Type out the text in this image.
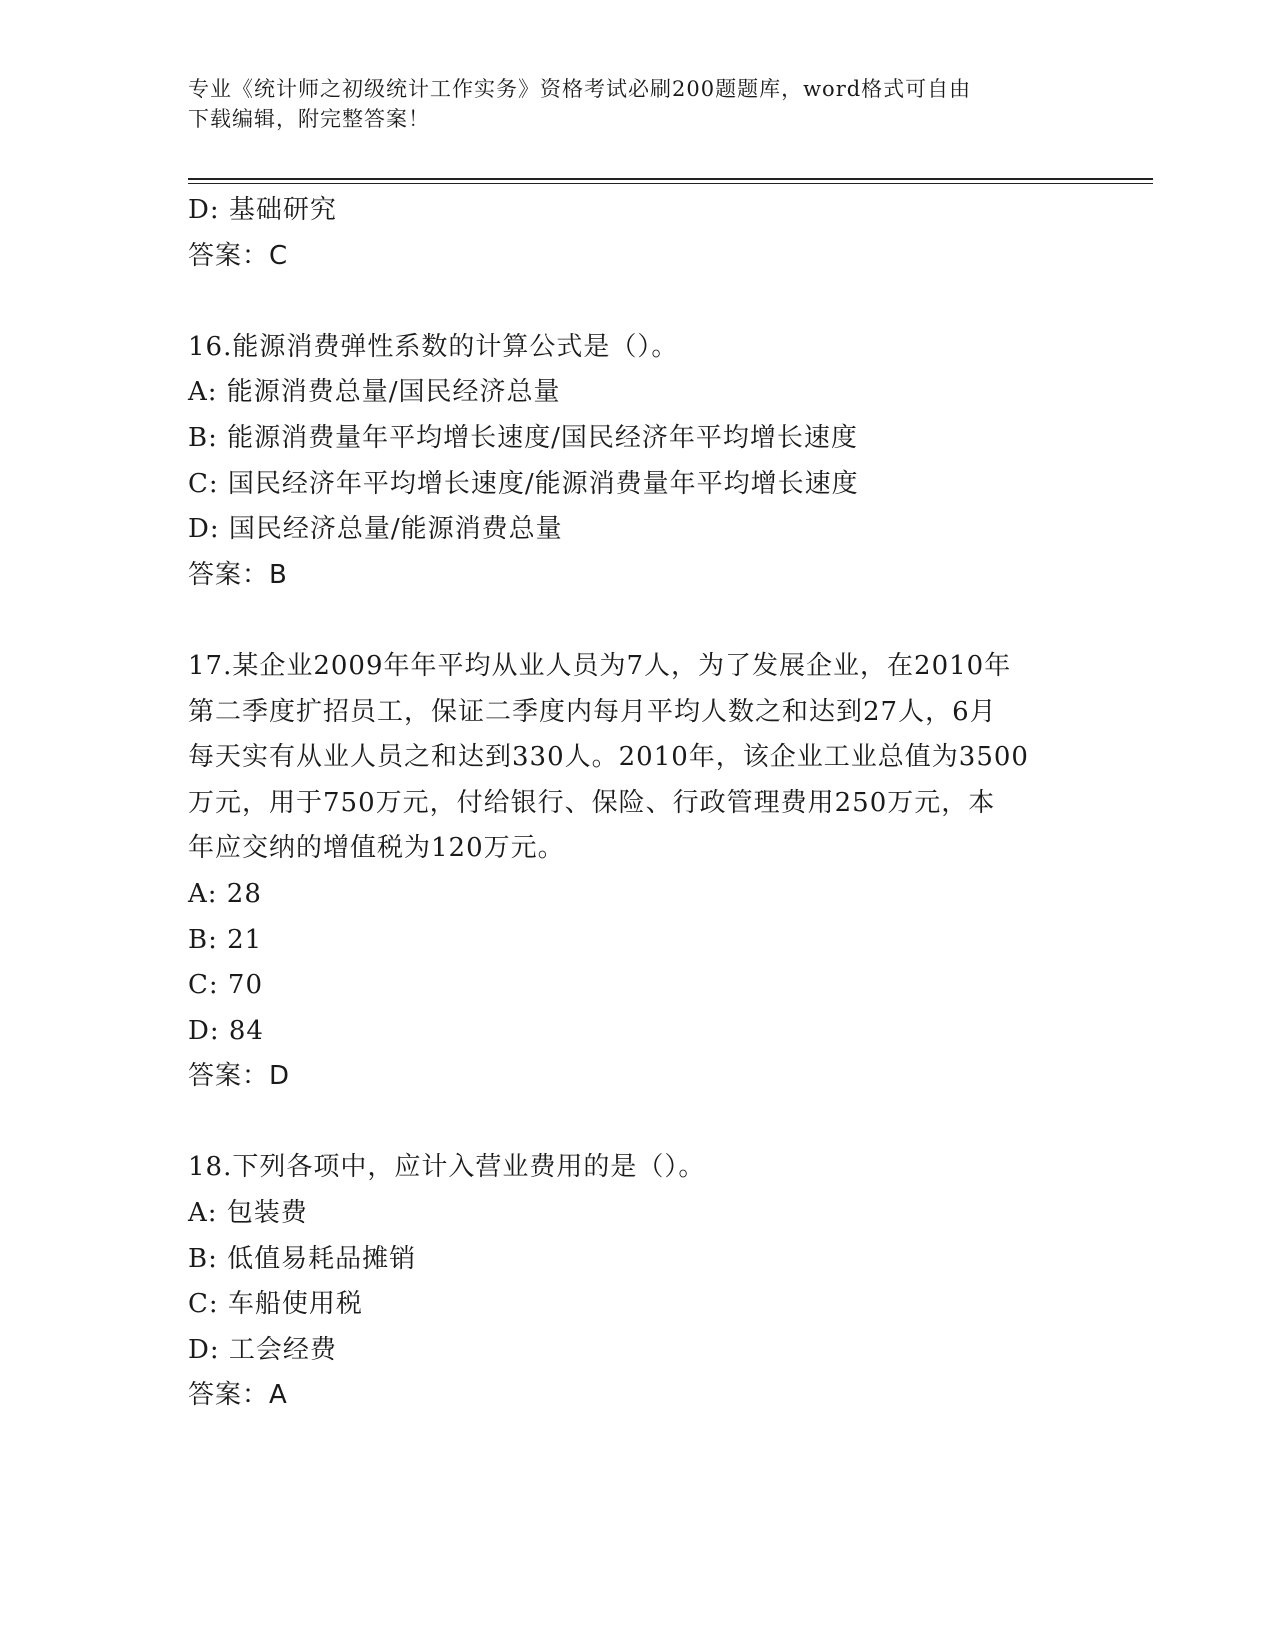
专业《统计师之初级统计工作实务》资格考试必刷200题题库，word格式可自由
下载编辑，附完整答案！
D: 基础研究
答案：C
16.能源消费弹性系数的计算公式是（）。
A: 能源消费总量/国民经济总量
B: 能源消费量年平均增长速度/国民经济年平均增长速度
C: 国民经济年平均增长速度/能源消费量年平均增长速度
D: 国民经济总量/能源消费总量
答案：B
17.某企业2009年年平均从业人员为7人，为了发展企业，在2010年
第二季度扩招员工，保证二季度内每月平均人数之和达到27人，6月
每天实有从业人员之和达到330人。2010年，该企业工业总值为3500
万元，用于750万元，付给银行、保险、行政管理费用250万元，本
年应交纳的增值税为120万元。
A: 28
B: 21
C: 70
D: 84
答案：D
18.下列各项中，应计入营业费用的是（）。
A: 包装费
B: 低值易耗品摊销
C: 车船使用税
D: 工会经费
答案：A
